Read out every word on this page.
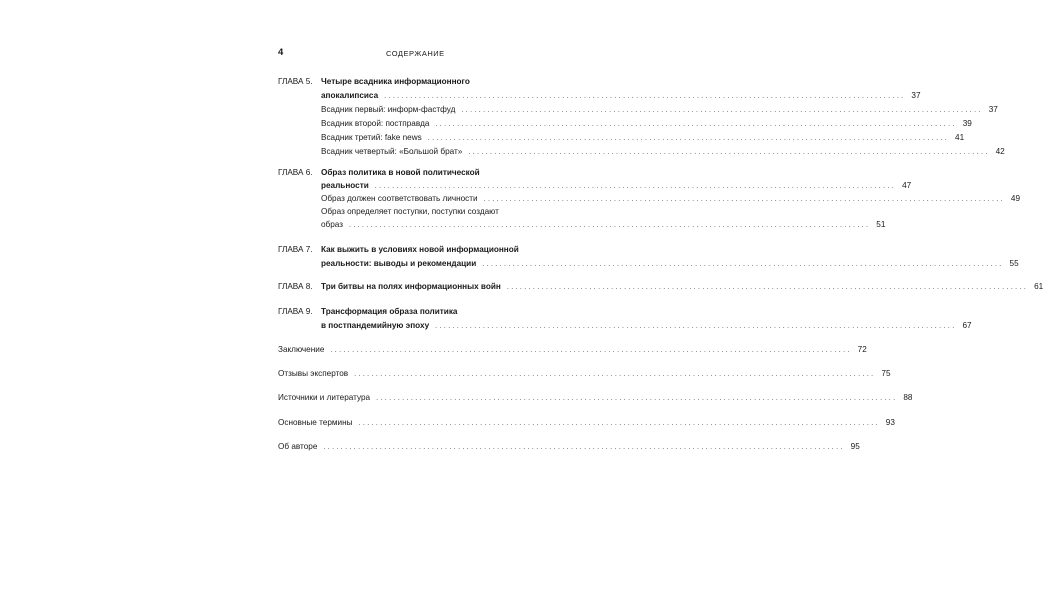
4	СОДЕРЖАНИЕ
ГЛАВА 5. Четыре всадника информационного
апокалипсиса ........................................................................................................................ 37
Всадник первый: информ-фастфуд ........................................................................................................................ 37
Всадник второй: постправда ........................................................................................................................ 39
Всадник третий: fake news ........................................................................................................................ 41
Всадник четвертый: «Большой брат» ........................................................................................................................ 42
ГЛАВА 6. Образ политика в новой политической
реальности ........................................................................................................................ 47
Образ должен соответствовать личности ........................................................................................................................ 49
Образ определяет поступки, поступки создают
образ ........................................................................................................................ 51
ГЛАВА 7. Как выжить в условиях новой информационной
реальности: выводы и рекомендации ........................................................................................................................ 55
ГЛАВА 8. Три битвы на полях информационных войн ........................................................................................................................ 61
ГЛАВА 9. Трансформация образа политика
в постпандемийную эпоху ........................................................................................................................ 67
Заключение ........................................................................................................................ 72
Отзывы экспертов ........................................................................................................................ 75
Источники и литература ........................................................................................................................ 88
Основные термины ........................................................................................................................ 93
Об авторе ........................................................................................................................ 95
